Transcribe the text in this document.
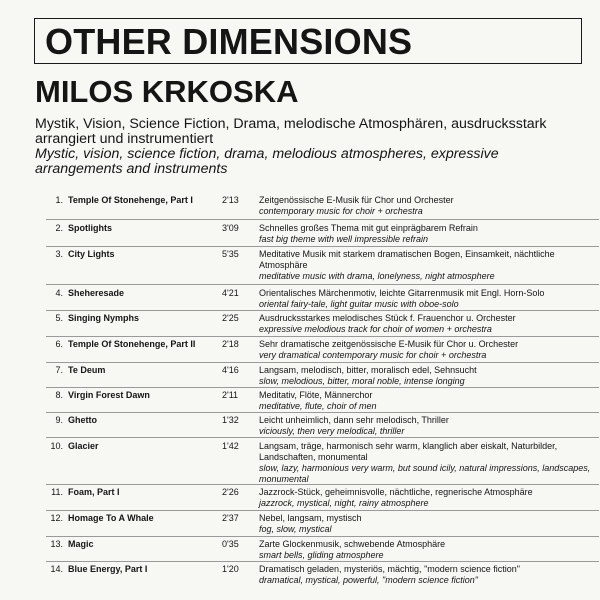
OTHER DIMENSIONS
MILOS KRKOSKA
Mystik, Vision, Science Fiction, Drama, melodische Atmosphären, ausdrucksstark arrangiert und instrumentiert
Mystic, vision, science fiction, drama, melodious atmospheres, expressive arrangements and instruments
1. Temple Of Stonehenge, Part I	2'13 Zeitgenössische E-Musik für Chor und Orchester
contemporary music for choir + orchestra
2. Spotlights	3'09 Schnelles großes Thema mit gut einprägbarem Refrain
fast big theme with well impressible refrain
3. City Lights	5'35 Meditative Musik mit starkem dramatischen Bogen, Einsamkeit, nächtliche Atmosphäre
meditative music with drama, lonelyness, night atmosphere
4. Sheheresade	4'21 Orientalisches Märchenmotiv, leichte Gitarrenmusik mit Engl. Horn-Solo
oriental fairy-tale, light guitar music with oboe-solo
5. Singing Nymphs	2'25 Ausdrucksstarkes melodisches Stück f. Frauenchor u. Orchester
expressive melodious track for choir of women + orchestra
6. Temple Of Stonehenge, Part II	2'18 Sehr dramatische zeitgenössische E-Musik für Chor u. Orchester
very dramatical contemporary music for choir + orchestra
7. Te Deum	4'16 Langsam, melodisch, bitter, moralisch edel, Sehnsucht
slow, melodious, bitter, moral noble, intense longing
8. Virgin Forest Dawn	2'11 Meditativ, Flöte, Männerchor
meditative, flute, choir of men
9. Ghetto	1'32 Leicht unheimlich, dann sehr melodisch, Thriller
viciously, then very melodical, thriller
10. Glacier	1'42 Langsam, träge, harmonisch sehr warm, klanglich aber eiskalt, Naturbilder, Landschaften, monumental
slow, lazy, harmonious very warm, but sound icily, natural impressions, landscapes, monumental
11. Foam, Part I	2'26 Jazzrock-Stück, geheimnisvolle, nächtliche, regnerische Atmosphäre
jazzrock, mystical, night, rainy atmosphere
12. Homage To A Whale	2'37 Nebel, langsam, mystisch
fog, slow, mystical
13. Magic	0'35 Zarte Glockenmusik, schwebende Atmosphäre
smart bells, gliding atmosphere
14. Blue Energy, Part I	1'20 Dramatisch geladen, mysteriös, mächtig, "modern science fiction"
dramatical, mystical, powerful, "modern science fiction"
